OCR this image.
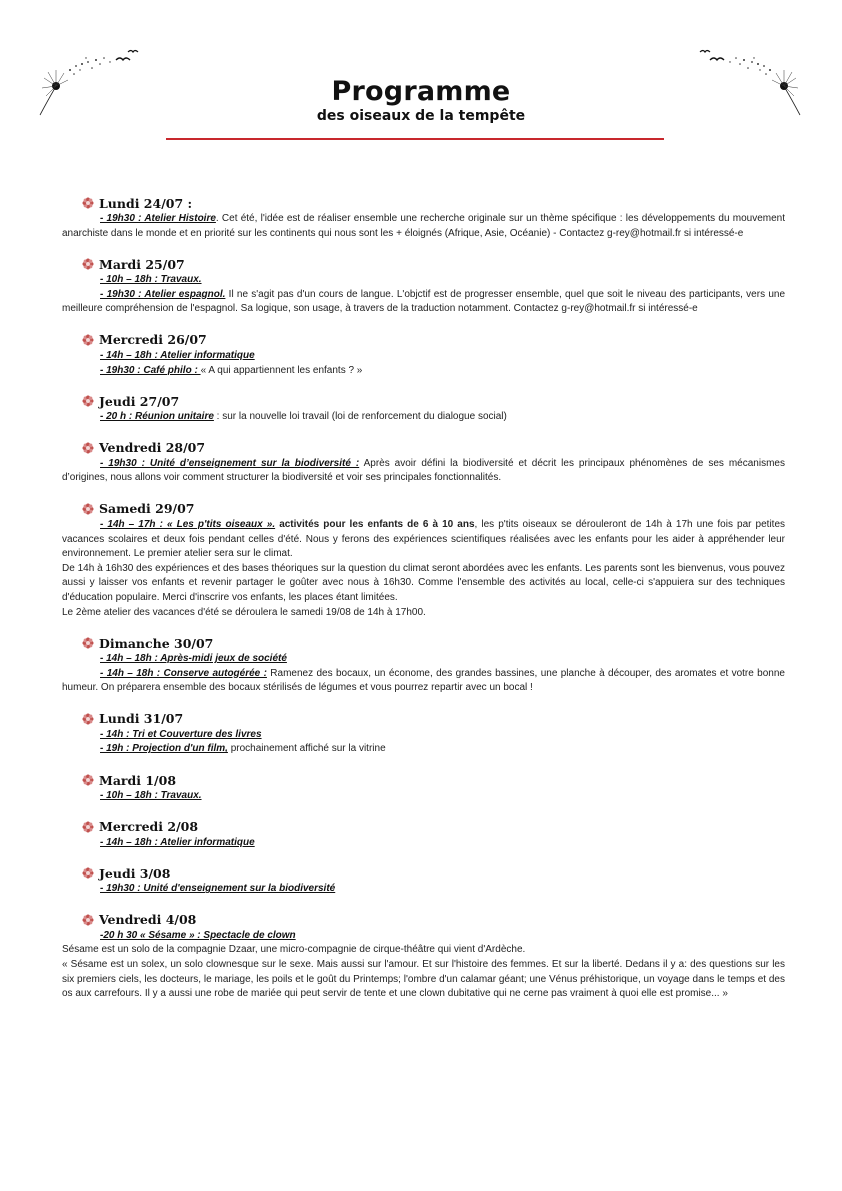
Programme
des oiseaux de la tempête
Lundi 24/07 :
- 19h30 : Atelier Histoire. Cet été, l'idée est de réaliser ensemble une recherche originale sur un thème spécifique : les développements du mouvement anarchiste dans le monde et en priorité sur les continents qui nous sont les + éloignés (Afrique, Asie, Océanie) - Contactez g-rey@hotmail.fr si intéressé-e
Mardi 25/07
- 10h – 18h : Travaux.
- 19h30 : Atelier espagnol. Il ne s'agit pas d'un cours de langue. L'objctif est de progresser ensemble, quel que soit le niveau des participants, vers une meilleure compréhension de l'espagnol. Sa logique, son usage, à travers de la traduction notamment. Contactez g-rey@hotmail.fr si intéressé-e
Mercredi 26/07
- 14h – 18h : Atelier informatique
- 19h30 : Café philo : « A qui appartiennent les enfants ? »
Jeudi 27/07
- 20 h : Réunion unitaire : sur la nouvelle loi travail (loi de renforcement du dialogue social)
Vendredi 28/07
- 19h30 : Unité d’enseignement sur la biodiversité : Après avoir défini la biodiversité et décrit les principaux phénomènes de ses mécanismes d’origines, nous allons voir comment structurer la biodiversité et voir ses principales fonctionnalités.
Samedi 29/07
- 14h – 17h : « Les p'tits oiseaux ». activités pour les enfants de 6 à 10 ans, les p'tits oiseaux se dérouleront de 14h à 17h une fois par petites vacances scolaires et deux fois pendant celles d'été. Nous y ferons des expériences scientifiques réalisées avec les enfants pour les aider à appréhender leur environnement. Le premier atelier sera sur le climat.
De 14h à 16h30 des expériences et des bases théoriques sur la question du climat seront abordées avec les enfants. Les parents sont les bienvenus, vous pouvez aussi y laisser vos enfants et revenir partager le goûter avec nous à 16h30. Comme l'ensemble des activités au local, celle-ci s'appuiera sur des techniques d'éducation populaire. Merci d'inscrire vos enfants, les places étant limitées.
Le 2ème atelier des vacances d'été se déroulera le samedi 19/08 de 14h à 17h00.
Dimanche 30/07
- 14h – 18h : Après-midi jeux de société
- 14h – 18h : Conserve autogérée : Ramenez des bocaux, un économe, des grandes bassines, une planche à découper, des aromates et votre bonne humeur. On préparera ensemble des bocaux stérilisés de légumes et vous pourrez repartir avec un bocal !
Lundi 31/07
- 14h : Tri et Couverture des livres
- 19h : Projection d'un film, prochainement affiché sur la vitrine
Mardi 1/08
- 10h – 18h : Travaux.
Mercredi 2/08
- 14h – 18h : Atelier informatique
Jeudi 3/08
- 19h30 : Unité d'enseignement sur la biodiversité
Vendredi 4/08
-20 h 30 « Sésame » : Spectacle de clown
Sésame est un solo de la compagnie Dzaar, une micro-compagnie de cirque-théâtre qui vient d'Ardèche.
« Sésame est un solex, un solo clownesque sur le sexe. Mais aussi sur l'amour. Et sur l'histoire des femmes. Et sur la liberté. Dedans il y a: des questions sur les six premiers ciels, les docteurs, le mariage, les poils et le goût du Printemps; l'ombre d'un calamar géant; une Vénus préhistorique, un voyage dans le temps et des os aux carrefours. Il y a aussi une robe de mariée qui peut servir de tente et une clown dubitative qui ne cerne pas vraiment à quoi elle est promise... »
